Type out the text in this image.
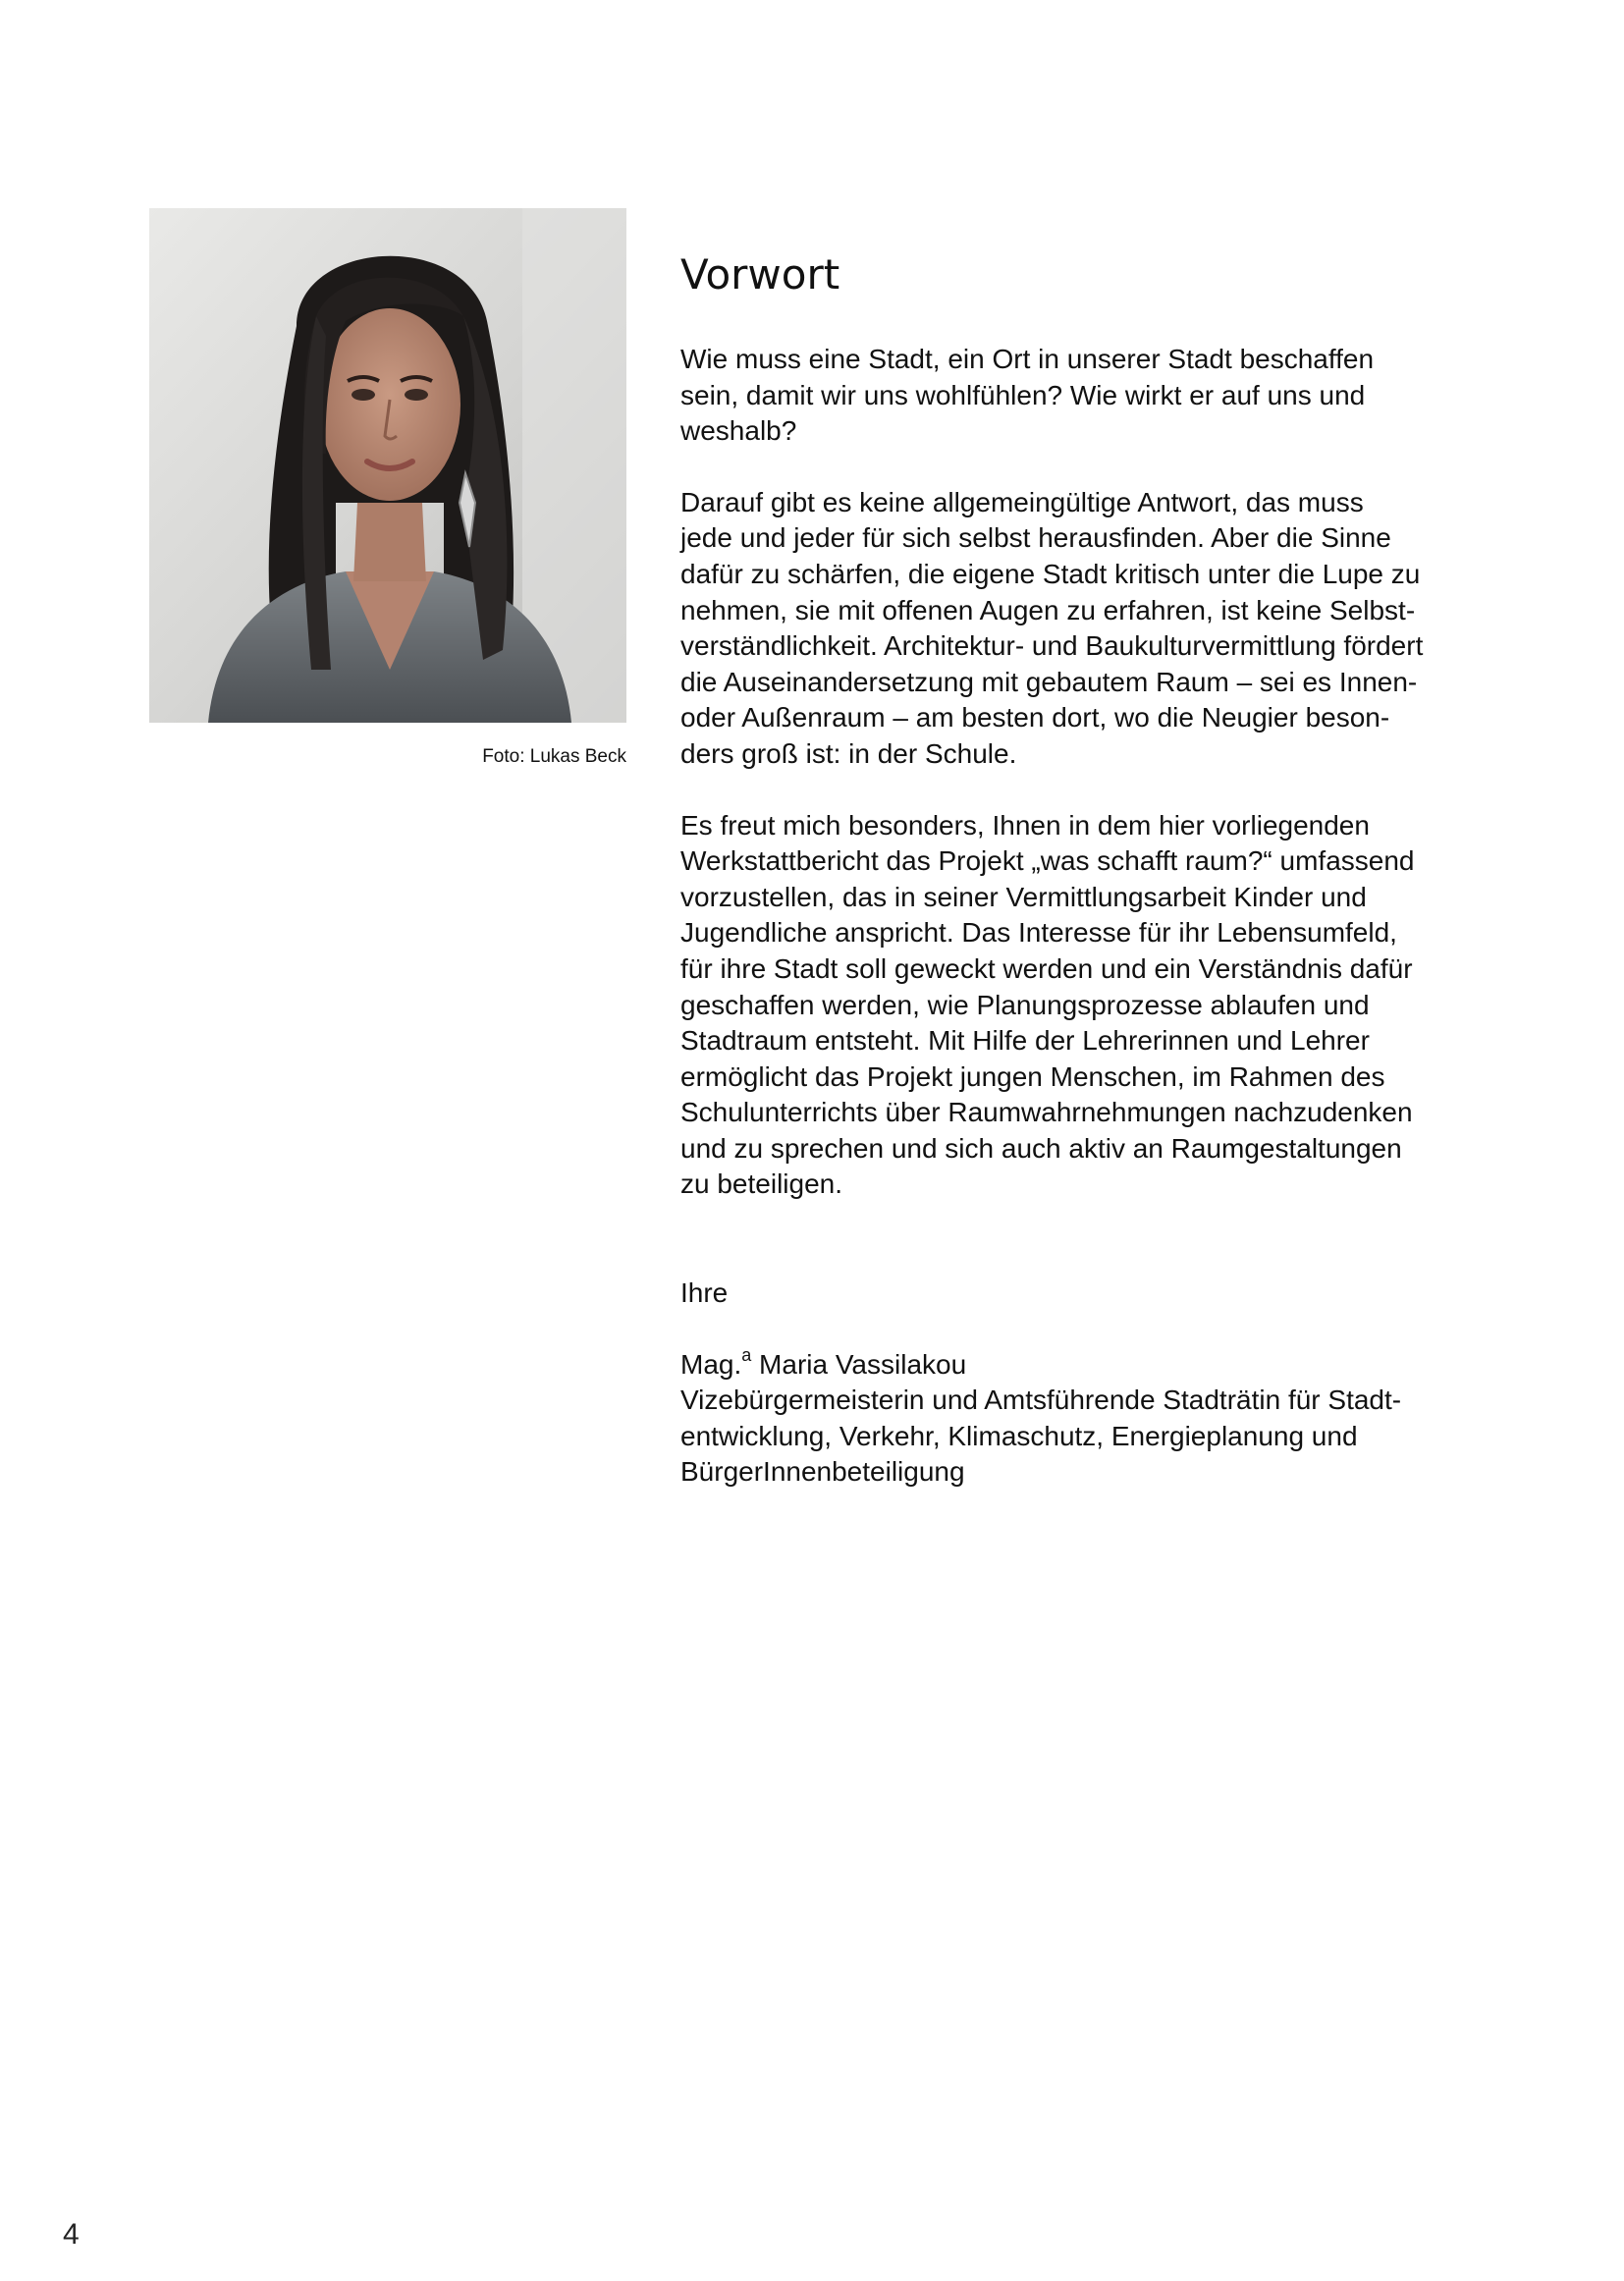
Foto: Lukas Beck
Vorwort

Wie muss eine Stadt, ein Ort in unserer Stadt beschaffen
sein, damit wir uns wohlfühlen? Wie wirkt er auf uns und
weshalb?

Darauf gibt es keine allgemeingültige Antwort, das muss
jede und jeder für sich selbst herausfinden. Aber die Sinne
dafür zu schärfen, die eigene Stadt kritisch unter die Lupe zu
nehmen, sie mit offenen Augen zu erfahren, ist keine Selbst-
verständlichkeit. Architektur- und Baukulturvermittlung fördert
die Auseinandersetzung mit gebautem Raum – sei es Innen-
oder Außenraum – am besten dort, wo die Neugier beson-
ders groß ist: in der Schule.

Es freut mich besonders, Ihnen in dem hier vorliegenden
Werkstattbericht das Projekt „was schafft raum?“ umfassend
vorzustellen, das in seiner Vermittlungsarbeit Kinder und
Jugendliche anspricht. Das Interesse für ihr Lebensumfeld,
für ihre Stadt soll geweckt werden und ein Verständnis dafür
geschaffen werden, wie Planungsprozesse ablaufen und
Stadtraum entsteht. Mit Hilfe der Lehrerinnen und Lehrer
ermöglicht das Projekt jungen Menschen, im Rahmen des
Schulunterrichts über Raumwahrnehmungen nachzudenken
und zu sprechen und sich auch aktiv an Raumgestaltungen
zu beteiligen.

Ihre
Mag.$^a$ Maria Vassilakou
Vizebürgermeisterin und Amtsführende Stadträtin für Stadt-
entwicklung, Verkehr, Klimaschutz, Energieplanung und
BürgerInnenbeteiligung
4
